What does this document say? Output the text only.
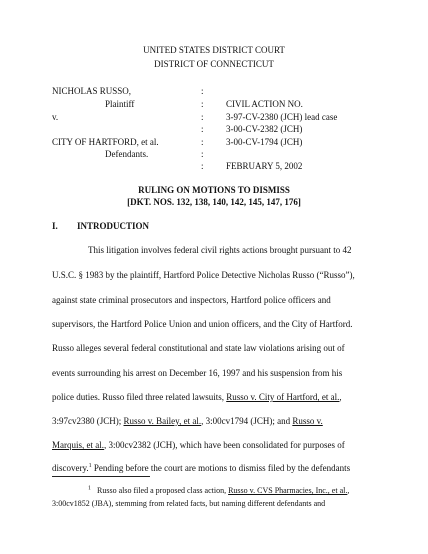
UNITED STATES DISTRICT COURT
DISTRICT OF CONNECTICUT
NICHOLAS RUSSO,	:
Plaintiff	: CIVIL ACTION NO.
v.	: 3-97-CV-2380 (JCH) lead case
: 3-00-CV-2382 (JCH)
CITY OF HARTFORD, et al.	: 3-00-CV-1794 (JCH)
Defendants.	:
: FEBRUARY 5, 2002
RULING ON MOTIONS TO DISMISS
[DKT. NOS. 132, 138, 140, 142, 145, 147, 176]
I. INTRODUCTION
This litigation involves federal civil rights actions brought pursuant to 42
U.S.C. § 1983 by the plaintiff, Hartford Police Detective Nicholas Russo (“Russo”),
against state criminal prosecutors and inspectors, Hartford police officers and
supervisors, the Hartford Police Union and union officers, and the City of Hartford.
Russo alleges several federal constitutional and state law violations arising out of
events surrounding his arrest on December 16, 1997 and his suspension from his
police duties. Russo filed three related lawsuits, Russo v. City of Hartford, et al.,
3:97cv2380 (JCH); Russo v. Bailey, et al., 3:00cv1794 (JCH); and Russo v.
Marquis, et al., 3:00cv2382 (JCH), which have been consolidated for purposes of
discovery.$^1$ Pending before the court are motions to dismiss filed by the defendants
$^1$ Russo also filed a proposed class action, Russo v. CVS Pharmacies, Inc., et al.,
3:00cv1852 (JBA), stemming from related facts, but naming different defendants and
